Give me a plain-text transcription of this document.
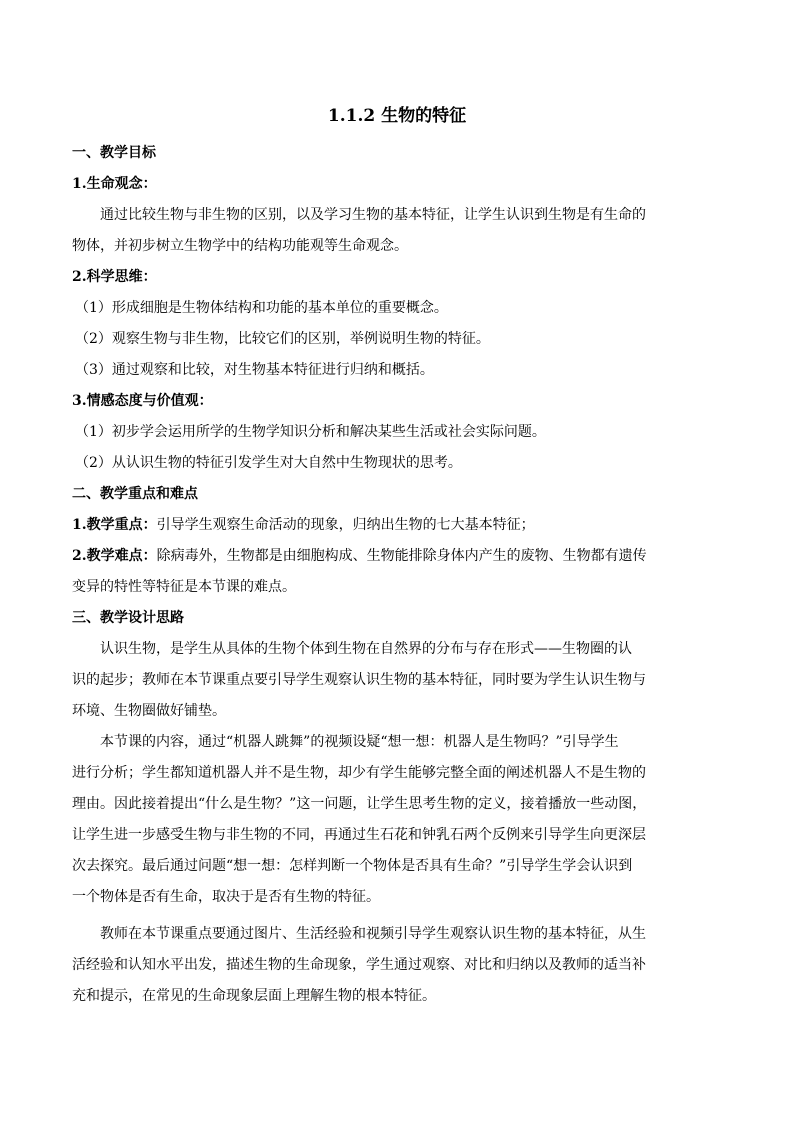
1.1.2 生物的特征
一、教学目标
1.生命观念：
通过比较生物与非生物的区别，以及学习生物的基本特征，让学生认识到生物是有生命的
物体，并初步树立生物学中的结构功能观等生命观念。
2.科学思维：
（1）形成细胞是生物体结构和功能的基本单位的重要概念。
（2）观察生物与非生物，比较它们的区别，举例说明生物的特征。
（3）通过观察和比较，对生物基本特征进行归纳和概括。
3.情感态度与价值观：
（1）初步学会运用所学的生物学知识分析和解决某些生活或社会实际问题。
（2）从认识生物的特征引发学生对大自然中生物现状的思考。
二、教学重点和难点
1.教学重点：引导学生观察生命活动的现象，归纳出生物的七大基本特征；
2.教学难点：除病毒外，生物都是由细胞构成、生物能排除身体内产生的废物、生物都有遗传
变异的特性等特征是本节课的难点。
三、教学设计思路
认识生物，是学生从具体的生物个体到生物在自然界的分布与存在形式——生物圈的认
识的起步；教师在本节课重点要引导学生观察认识生物的基本特征，同时要为学生认识生物与
环境、生物圈做好铺垫。
本节课的内容，通过“机器人跳舞”的视频设疑“想一想：机器人是生物吗？”引导学生
进行分析；学生都知道机器人并不是生物，却少有学生能够完整全面的阐述机器人不是生物的
理由。因此接着提出“什么是生物？”这一问题，让学生思考生物的定义，接着播放一些动图，
让学生进一步感受生物与非生物的不同，再通过生石花和钟乳石两个反例来引导学生向更深层
次去探究。最后通过问题“想一想：怎样判断一个物体是否具有生命？”引导学生学会认识到
一个物体是否有生命，取决于是否有生物的特征。
教师在本节课重点要通过图片、生活经验和视频引导学生观察认识生物的基本特征，从生
活经验和认知水平出发，描述生物的生命现象，学生通过观察、对比和归纳以及教师的适当补
充和提示，在常见的生命现象层面上理解生物的根本特征。
